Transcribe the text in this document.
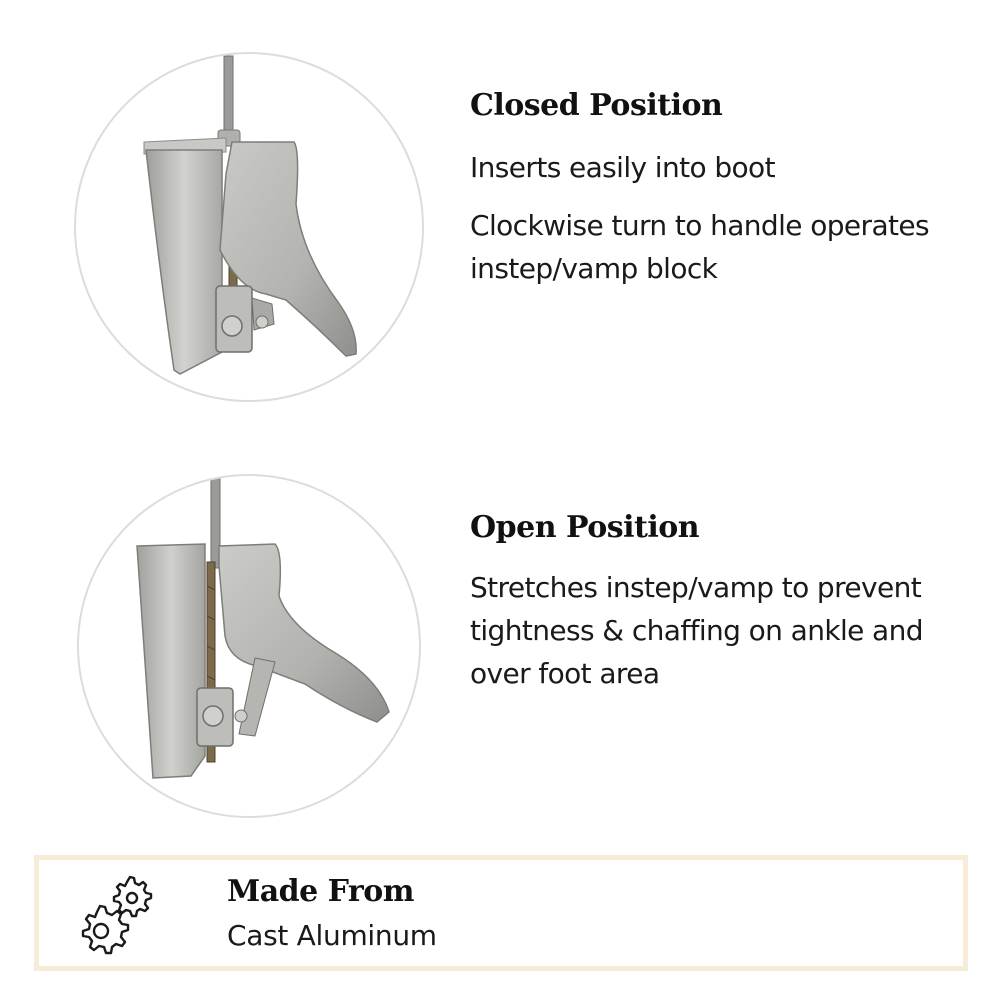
Closed Position
Inserts easily into boot
Clockwise turn to handle operates instep/vamp block
Open Position
Stretches instep/vamp to prevent tightness & chaffing on ankle and over foot area
Made From
Cast Aluminum
